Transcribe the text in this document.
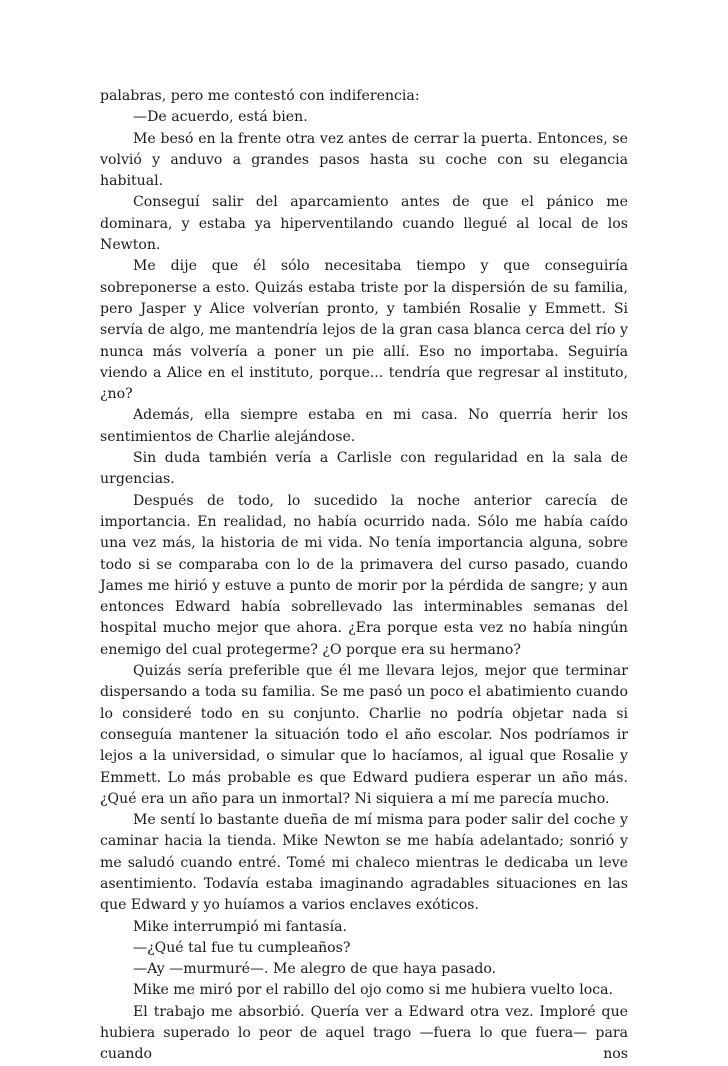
palabras, pero me contestó con indiferencia:

—De acuerdo, está bien.

Me besó en la frente otra vez antes de cerrar la puerta. Entonces, se volvió y anduvo a grandes pasos hasta su coche con su elegancia habitual.

Conseguí salir del aparcamiento antes de que el pánico me dominara, y estaba ya hiperventilando cuando llegué al local de los Newton.

Me dije que él sólo necesitaba tiempo y que conseguiría sobreponerse a esto. Quizás estaba triste por la dispersión de su familia, pero Jasper y Alice volverían pronto, y también Rosalie y Emmett. Si servía de algo, me mantendría lejos de la gran casa blanca cerca del río y nunca más volvería a poner un pie allí. Eso no importaba. Seguiría viendo a Alice en el instituto, porque... tendría que regresar al instituto, ¿no?

Además, ella siempre estaba en mi casa. No querría herir los sentimientos de Charlie alejándose.

Sin duda también vería a Carlisle con regularidad en la sala de urgencias.

Después de todo, lo sucedido la noche anterior carecía de importancia. En realidad, no había ocurrido nada. Sólo me había caído una vez más, la historia de mi vida. No tenía importancia alguna, sobre todo si se comparaba con lo de la primavera del curso pasado, cuando James me hirió y estuve a punto de morir por la pérdida de sangre; y aun entonces Edward había sobrellevado las interminables semanas del hospital mucho mejor que ahora. ¿Era porque esta vez no había ningún enemigo del cual protegerme? ¿O porque era su hermano?

Quizás sería preferible que él me llevara lejos, mejor que terminar dispersando a toda su familia. Se me pasó un poco el abatimiento cuando lo consideré todo en su conjunto. Charlie no podría objetar nada si conseguía mantener la situación todo el año escolar. Nos podríamos ir lejos a la universidad, o simular que lo hacíamos, al igual que Rosalie y Emmett. Lo más probable es que Edward pudiera esperar un año más. ¿Qué era un año para un inmortal? Ni siquiera a mí me parecía mucho.

Me sentí lo bastante dueña de mí misma para poder salir del coche y caminar hacia la tienda. Mike Newton se me había adelantado; sonrió y me saludó cuando entré. Tomé mi chaleco mientras le dedicaba un leve asentimiento. Todavía estaba imaginando agradables situaciones en las que Edward y yo huíamos a varios enclaves exóticos.

Mike interrumpió mi fantasía.

—¿Qué tal fue tu cumpleaños?

—Ay —murmuré—. Me alegro de que haya pasado.

Mike me miró por el rabillo del ojo como si me hubiera vuelto loca.

El trabajo me absorbió. Quería ver a Edward otra vez. Imploré que hubiera superado lo peor de aquel trago —fuera lo que fuera— para cuando nos
